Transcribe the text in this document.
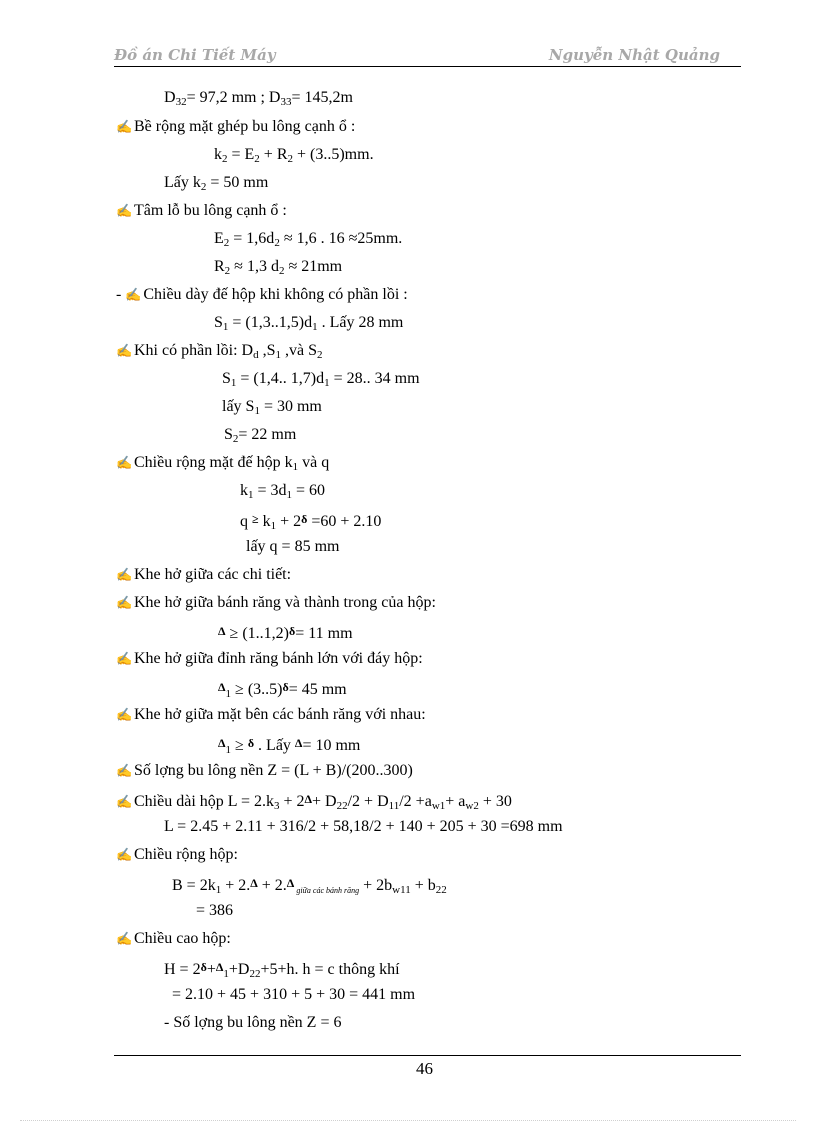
Đồ án Chi Tiết Máy	Nguyễn Nhật Quảng
$D_{32}= 97,2$ mm ; $D_{33}= 145,2m$
✍ Bề rộng mặt ghép bu lông cạnh ổ :
$k_2 = E_2 + R_2 + (3..5)mm$.
Lấy $k_2 = 50$ mm
✍ Tâm lỗ bu lông cạnh ổ :
$E_2 = 1,6d_2 \approx 1,6$ . 16 ≈25mm.
$R_2 \approx 1,3$ $d_2 \approx 21mm$
- ✍ Chiều dày đế hộp khi không có phần lồi :
$S_1 = (1,3..1,5)d_1$ . Lấy 28 mm
✍ Khi có phần lồi: $D_d$ $,S_1$ ,và $S_2$
$S_1 = (1,4$.. $1,7)d_1 = 28$.. 34 mm
lấy $S_1 = 30$ mm
$S_2= 22$ mm
✍ Chiều rộng mặt đế hộp $k_1$ và q
$k_1 = 3d_1 = 60$
$q \ge k_1 + 2\delta =60 + 2.10$
lấy q = 85 mm
✍ Khe hở giữa các chi tiết:
✍ Khe hở giữa bánh răng và thành trong của hộp:
Δ ≥ (1..1,2)δ= 11 mm
✍ Khe hở giữa đỉnh răng bánh lớn với đáy hộp:
$\Delta_1 \ge (3..5)\delta= 45$ mm
✍ Khe hở giữa mặt bên các bánh răng với nhau:
$\Delta_1 \ge \delta$ . Lấy Δ= 10 mm
✍ Số lợng bu lông nền Z = (L + B)/(200..300)
✍ Chiều dài hộp $L = 2.k_3 + 2\Delta+ D_{22}/2 + D_{11}/2 +a_{w1}+ a_{w2} + 30$
L = 2.45 + 2.11 + 316/2 + 58,18/2 + 140 + 205 + 30 =698 mm
✍ Chiều rộng hộp:
$B = 2k_1 + 2.\Delta + 2.\Delta$ giữa các bánh răng + $2b_{w11} + b_{22}$
= 386
✍ Chiều cao hộp:
$H = 2\delta+\Delta_1+D_{22}+5+h$. h = c thông khí
= 2.10 + 45 + 310 + 5 + 30 = 441 mm
- Số lợng bu lông nền Z = 6
46
